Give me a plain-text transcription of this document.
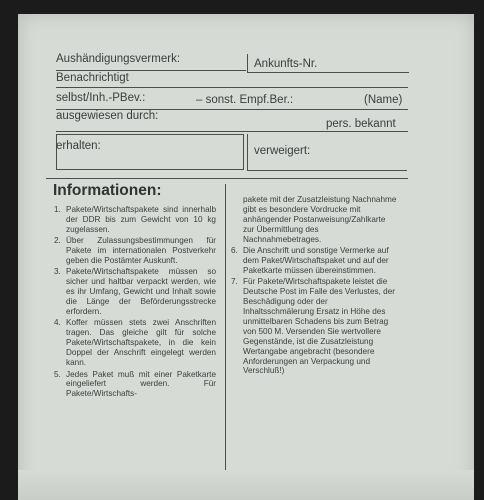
Aushändigungsvermerk:	Ankunfts-Nr.
Benachrichtigt
selbst/Inh.-PBev.:	– sonst. Empf.Ber.:	(Name)
ausgewiesen durch:
pers. bekannt
erhalten:	verweigert:
Informationen:
1. Pakete/Wirtschaftspakete sind innerhalb der DDR bis zum Gewicht von 10 kg zugelassen.
2. Über Zulassungsbestimmungen für Pakete im internationalen Postverkehr geben die Postämter Auskunft.
3. Pakete/Wirtschaftspakete müssen so sicher und haltbar verpackt werden, wie es ihr Umfang, Gewicht und Inhalt sowie die Länge der Beförderungsstrecke erfordern.
4. Koffer müssen stets zwei Anschriften tragen. Das gleiche gilt für solche Pakete/Wirtschaftspakete, in die kein Doppel der Anschrift eingelegt werden kann.
5. Jedes Paket muß mit einer Paketkarte eingeliefert werden. Für Pakete/Wirtschafts-
pakete mit der Zusatzleistung Nachnahme gibt es besondere Vordrucke mit anhängender Postanweisung/Zahlkarte zur Übermittlung des Nachnahmebetrages.
6. Die Anschrift und sonstige Vermerke auf dem Paket/Wirtschaftspaket und auf der Paketkarte müssen übereinstimmen.
7. Für Pakete/Wirtschaftspakete leistet die Deutsche Post im Falle des Verlustes, der Beschädigung oder der Inhaltsschmälerung Ersatz in Höhe des unmittelbaren Schadens bis zum Betrag von 500 M. Versenden Sie wertvollere Gegenstände, ist die Zusatzleistung Wertangabe angebracht (besondere Anforderungen an Verpackung und Verschluß!)
